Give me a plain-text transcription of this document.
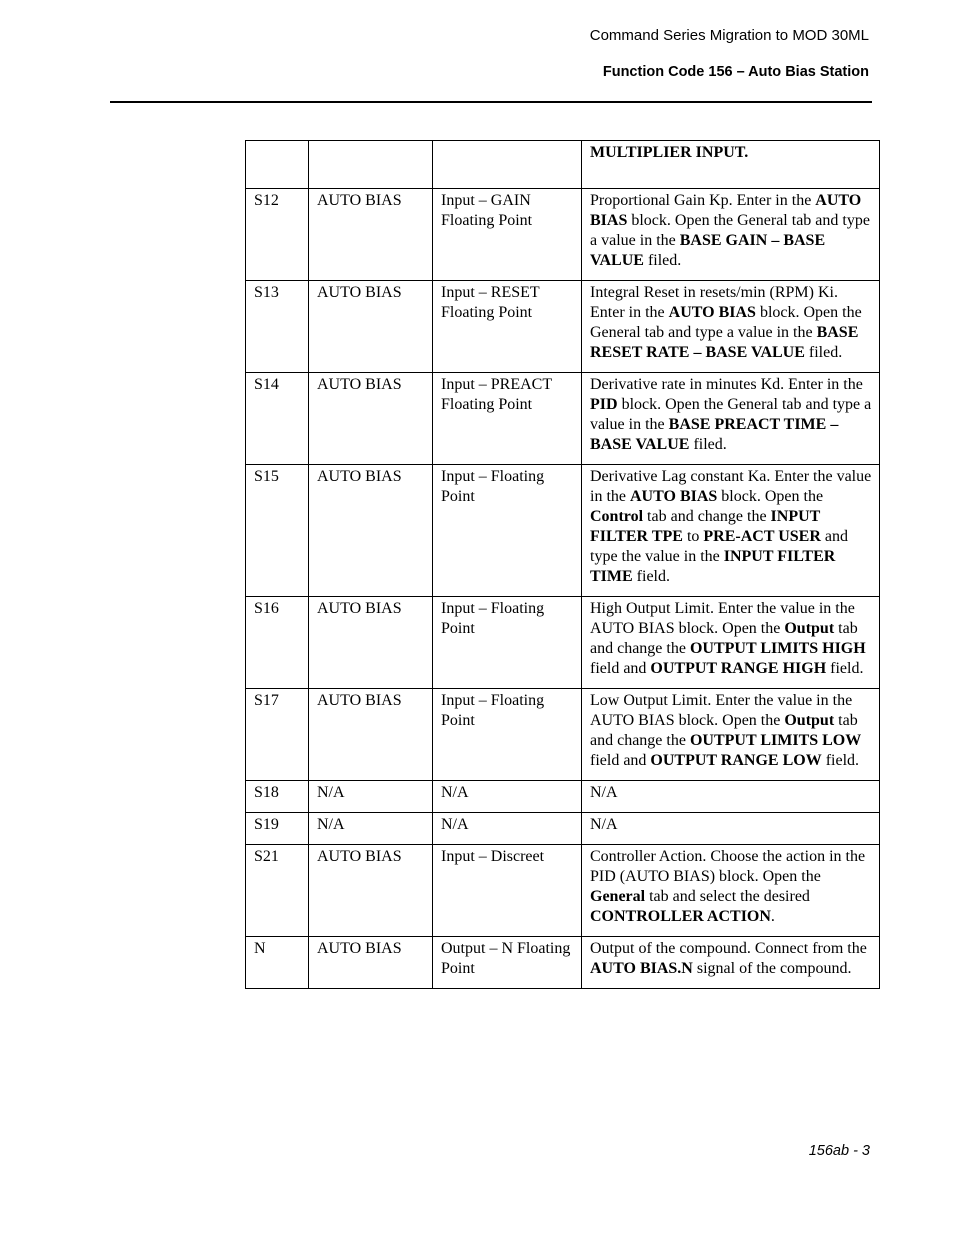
Command Series Migration to MOD 30ML
Function Code 156 – Auto Bias Station
			MULTIPLIER INPUT.
S12	AUTO BIAS	Input – GAIN Floating Point	Proportional Gain Kp. Enter in the AUTO BIAS block. Open the General tab and type a value in the BASE GAIN – BASE VALUE filed.
S13	AUTO BIAS	Input – RESET Floating Point	Integral Reset in resets/min (RPM) Ki. Enter in the AUTO BIAS block. Open the General tab and type a value in the BASE RESET RATE – BASE VALUE filed.
S14	AUTO BIAS	Input – PREACT Floating Point	Derivative rate in minutes Kd. Enter in the PID block. Open the General tab and type a value in the BASE PREACT TIME – BASE VALUE filed.
S15	AUTO BIAS	Input – Floating Point	Derivative Lag constant Ka. Enter the value in the AUTO BIAS block. Open the Control tab and change the INPUT FILTER TPE to PRE-ACT USER and type the value in the INPUT FILTER TIME field.
S16	AUTO BIAS	Input – Floating Point	High Output Limit. Enter the value in the AUTO BIAS block. Open the Output tab and change the OUTPUT LIMITS HIGH field and OUTPUT RANGE HIGH field.
S17	AUTO BIAS	Input – Floating Point	Low Output Limit. Enter the value in the AUTO BIAS block. Open the Output tab and change the OUTPUT LIMITS LOW field and OUTPUT RANGE LOW field.
S18	N/A	N/A	N/A
S19	N/A	N/A	N/A
S21	AUTO BIAS	Input – Discreet	Controller Action. Choose the action in the PID (AUTO BIAS) block. Open the General tab and select the desired CONTROLLER ACTION.
N	AUTO BIAS	Output – N Floating Point	Output of the compound. Connect from the AUTO BIAS.N signal of the compound.
156ab - 3
